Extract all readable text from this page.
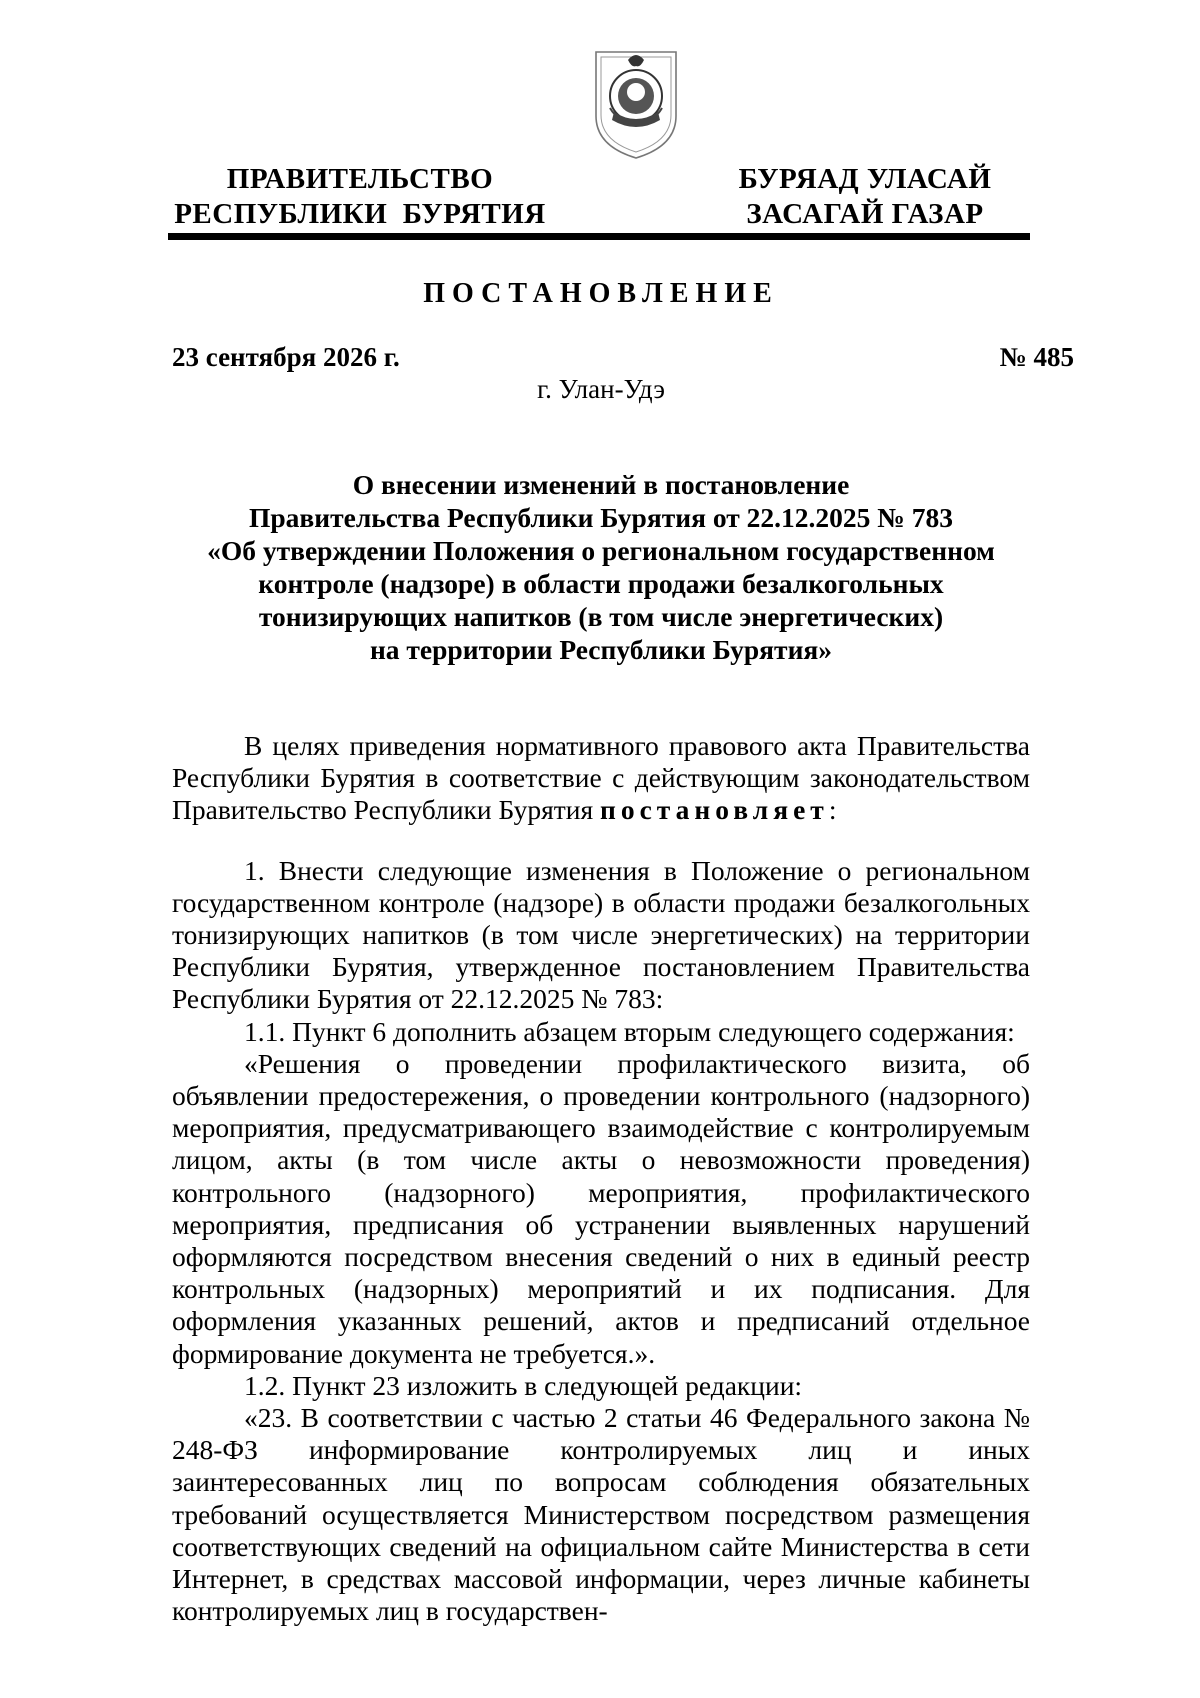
ПРАВИТЕЛЬСТВО
РЕСПУБЛИКИ  БУРЯТИЯ
БУРЯАД УЛАСАЙ
ЗАСАГАЙ ГАЗАР
ПОСТАНОВЛЕНИЕ
23 сентября 2026 г.	№ 485
г. Улан-Удэ
О внесении изменений в постановление
Правительства Республики Бурятия от 22.12.2025 № 783
«Об утверждении Положения о региональном государственном
контроле (надзоре) в области продажи безалкогольных
тонизирующих напитков (в том числе энергетических)
на территории Республики Бурятия»

В целях приведения нормативного правового акта Правительства Республики Бурятия в соответствие с действующим законодательством Правительство Республики Бурятия постановляет:

1. Внести следующие изменения в Положение о региональном государственном контроле (надзоре) в области продажи безалкогольных тонизирующих напитков (в том числе энергетических) на территории Республики Бурятия, утвержденное постановлением Правительства Республики Бурятия от 22.12.2025 № 783:

1.1. Пункт 6 дополнить абзацем вторым следующего содержания:

«Решения о проведении профилактического визита, об объявлении предостережения, о проведении контрольного (надзорного) мероприятия, предусматривающего взаимодействие с контролируемым лицом, акты (в том числе акты о невозможности проведения) контрольного (надзорного) мероприятия, профилактического мероприятия, предписания об устранении выявленных нарушений оформляются посредством внесения сведений о них в единый реестр контрольных (надзорных) мероприятий и их подписания. Для оформления указанных решений, актов и предписаний отдельное формирование документа не требуется.».

1.2. Пункт 23 изложить в следующей редакции:

«23. В соответствии с частью 2 статьи 46 Федерального закона № 248-ФЗ информирование контролируемых лиц и иных заинтересованных лиц по вопросам соблюдения обязательных требований осуществляется Министерством посредством размещения соответствующих сведений на официальном сайте Министерства в сети Интернет, в средствах массовой информации, через личные кабинеты контролируемых лиц в государствен-
